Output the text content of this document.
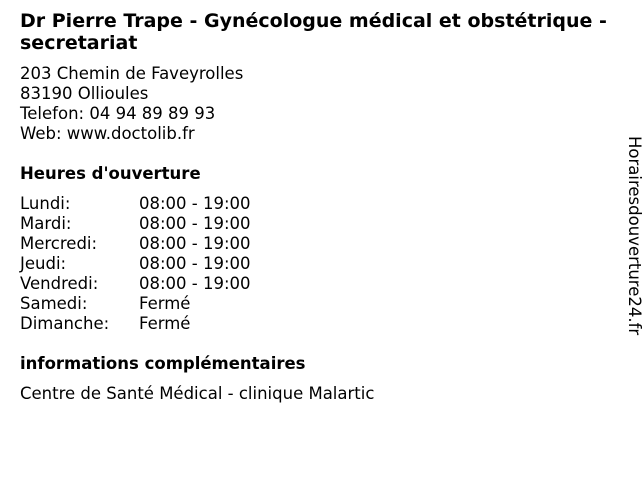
Dr Pierre Trape - Gynécologue médical et obstétrique -secretariat
203 Chemin de Faveyrolles
83190 Ollioules
Telefon: 04 94 89 89 93
Web: www.doctolib.fr
Heures d'ouverture
Lundi:	08:00 - 19:00
Mardi:	08:00 - 19:00
Mercredi:	08:00 - 19:00
Jeudi:	08:00 - 19:00
Vendredi:	08:00 - 19:00
Samedi:	Fermé
Dimanche:	Fermé
informations complémentaires
Centre de Santé Médical - clinique Malartic
Horairesdouverture24.fr
